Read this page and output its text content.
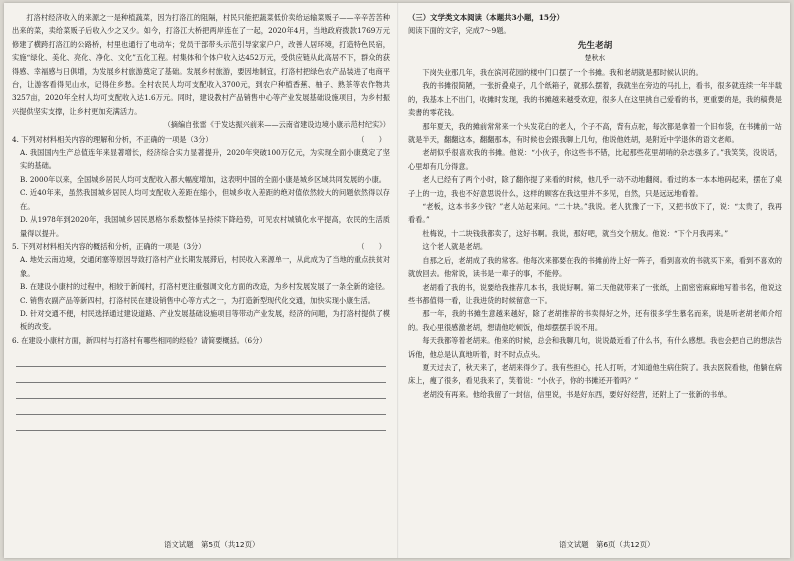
打洛村经济收入的来源之一是种植蔬菜，因为打洛江的阻隔，村民只能把蔬菜低价卖给运输菜贩子——辛辛苦苦种出来的菜，卖给菜贩子后收入少之又少。如今，打洛江大桥把两岸连在了一起，2020年4月，当地政府拨款1769万元修建了横跨打洛江的公路桥，村里也通行了电动车；党员干部带头示范引导家家户户，改善人居环境，打造特色民宿，实施“绿化、美化、亮化、净化、文化”五化工程。村集体和个体户收入达452万元，受供应链从此高居不下，群众的获得感、幸福感与日俱增，为发展乡村旅游奠定了基础。发展乡村旅游，要因地制宜，打洛村把绿色农产品装进了电商平台，让游客看得见山水，记得住乡愁。全村农民人均可支配收入3700元，到农户种植香蕉、柚子、熟茶等农作物共3257亩，2020年全村人均可支配收入达1.6万元。同时，建设教村产品销售中心等产业发展基础设施项目，为乡村振兴提供坚实支撑，让乡村更加充满活力。

（摘编自张雷《于发达振兴前来——云南省建设边境小康示范村纪实》）

4. 下列对材料相关内容的理解和分析，不正确的一项是（3分）	（　　）

A. 我国国内生产总值连年来显著增长，经济综合实力显著提升，2020年突破100万亿元，为实现全面小康奠定了坚实的基础。

B. 2000年以来，全国城乡居民人均可支配收入都大幅度增加，这表明中国的全面小康是城乡区域共同发展的小康。

C. 近40年来，虽然我国城乡居民人均可支配收入差距在缩小，但城乡收入差距的绝对值依然较大的问题依然得以存在。

D. 从1978年到2020年，我国城乡居民恩格尔系数整体呈持续下降趋势，可见农村城镇化水平提高，农民的生活质量得以提升。

5. 下列对材料相关内容的概括和分析，正确的一项是（3分）	（　　）

A. 地处云南边境，交通闭塞等原因导致打洛村产业长期发展滞后，村民收入来源单一，从此成为了当地的重点扶贫对象。

B. 在建设小康村的过程中，相较于新闻村，打洛村更注重强调文化方面的改造，为乡村发展发展了一条全新的途径。

C. 销售农副产品等新四村，打洛村民在建设销售中心等方式之一，为打造新型现代化交通，加快实现小康生活。

D. 针对交通不便，村民选择通过建设道路、产业发展基础设施项目等带动产业发展，经济的问题，为打洛村提供了模板的改变。

6. 在建设小康村方面，新四村与打洛村有哪些相同的经验？请简要概括。（6分）

语文试题　第5页（共12页）
（三）文学类文本阅读（本题共3小题，15分）
阅读下面的文字，完成7～9题。
先生老胡
楚秋水

下岗失业那几年，我在滨河花园的楼中门口摆了一个书摊。我和老胡就是那时候认识的。

我的书摊很简陋，一张折叠桌子，几个纸箱子，就那么摆着，我就坐在旁边的马扎上，看书，很多就连续一年半载的，我基本上不出门，收摊时发现，我的书摊越来越受欢迎，很多人在这里挑自己爱看的书，更重要的是，我的稿费是卖書的零花钱。

那年夏天，我的摊前常常来一个头发花白的老人，个子不高，背有点驼，每次都是拿着一个旧布袋，在书摊前一站就是半天，翻翻这本，翻翻那本，有时候也会跟我聊上几句，他说他姓胡，是附近中学退休的语文老师。

老胡似乎很喜欢我的书摊。他说：“小伙子，你这些书不错，比起那些花里胡哨的杂志强多了。”我笑笑，没说话，心里却有几分得意。

老人已经有了两个小时，除了翻你提了来看的时候，他几乎一动不动地翻阅。看过的本一本本地码起来，摆在了桌子上的一边，我也不好意思说什么，这样的顾客在我这里并不多见，自然，只是远远地看着。

“老板，这本书多少钱？”老人站起来问。“二十块。”我说。老人犹豫了一下，又把书放下了，说：“太贵了，我再看看。”

杜梅说，十二块钱我都卖了，这好书啊。我说，那好吧，就当交个朋友。他说：“下个月我再来。”

这个老人就是老胡。

自那之后，老胡成了我的常客。他每次来都要在我的书摊前待上好一阵子，看到喜欢的书就买下来，看到不喜欢的就放回去。他常说，读书是一辈子的事，不能停。

老胡看了我的书，说要给我推荐几本书，我说好啊。第二天他就带来了一张纸，上面密密麻麻地写着书名，他说这些书都值得一看，让我进货的时候留意一下。

那一年，我的书摊生意越来越好，除了老胡推荐的书卖得好之外，还有很多学生慕名而来，说是听老胡老师介绍的。我心里很感激老胡，想请他吃顿饭，他却摆摆手说不用。

每天我都等着老胡来。他来的时候，总会和我聊几句，说说最近看了什么书，有什么感想。我也会把自己的想法告诉他，他总是认真地听着，时不时点点头。

夏天过去了，秋天来了，老胡来得少了。我有些担心，托人打听，才知道他生病住院了。我去医院看他，他躺在病床上，瘦了很多，看见我来了，笑着说：“小伙子，你的书摊还开着吗？”

老胡没有再来。他给我留了一封信，信里说，书是好东西，要好好经营，还附上了一张新的书单。

语文试题　第6页（共12页）
